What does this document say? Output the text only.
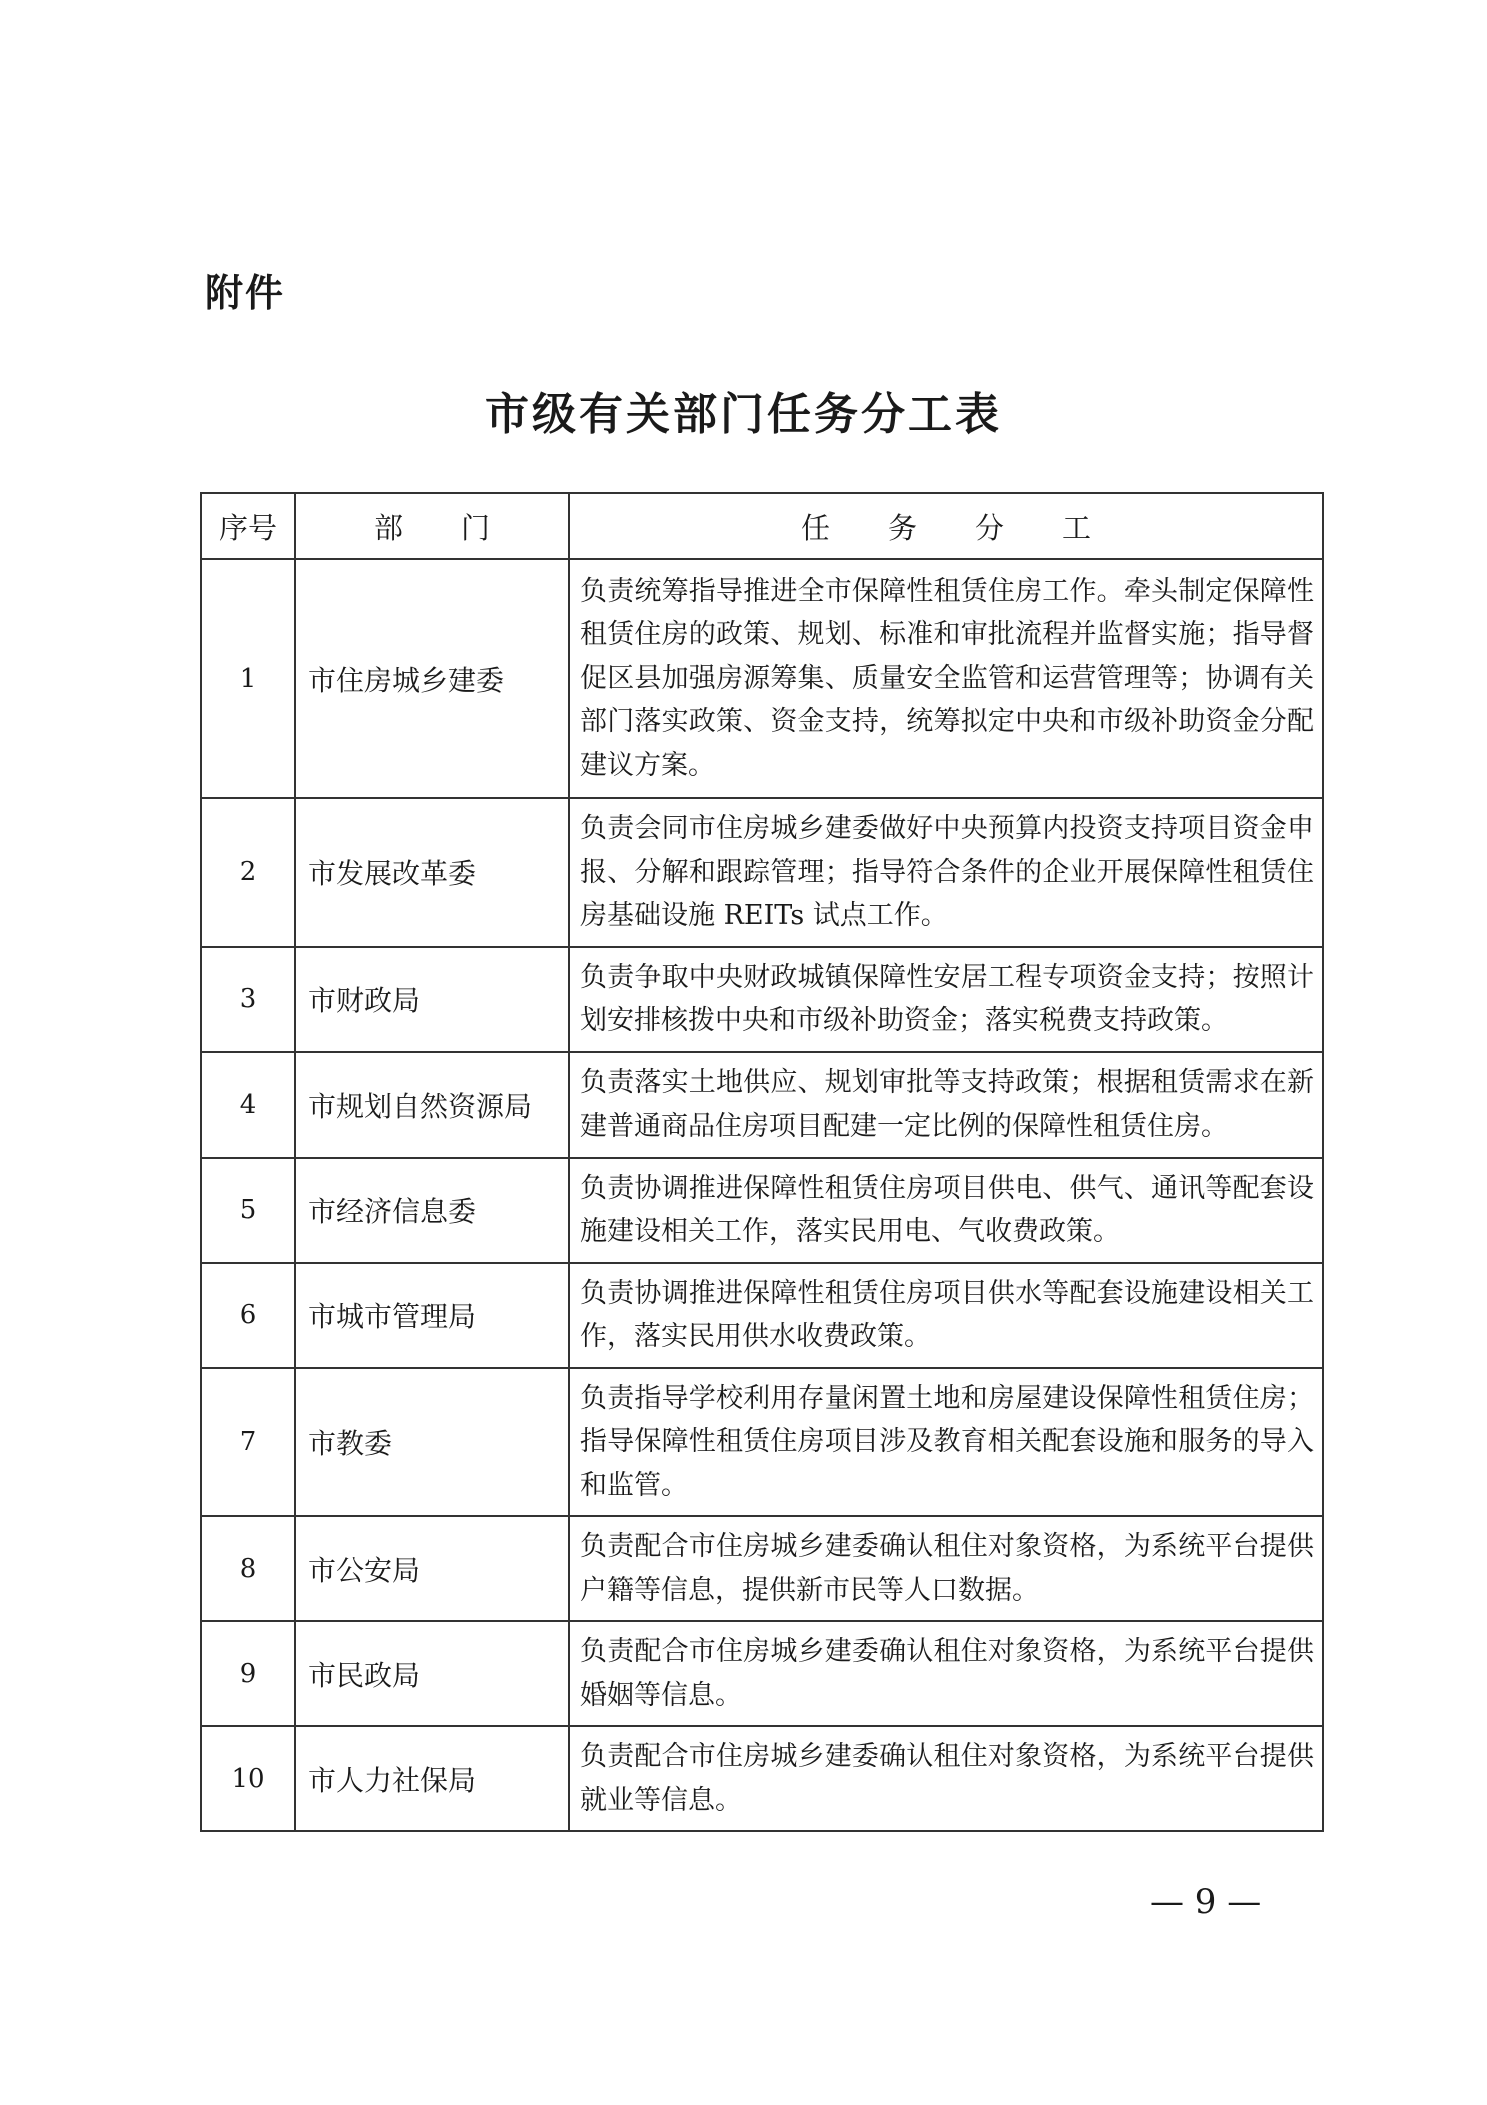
附件
市级有关部门任务分工表
序号	部　　门	任　　务　　分　　工
1	市住房城乡建委	负责统筹指导推进全市保障性租赁住房工作。牵头制定保障性租赁住房的政策、规划、标准和审批流程并监督实施；指导督促区县加强房源筹集、质量安全监管和运营管理等；协调有关部门落实政策、资金支持，统筹拟定中央和市级补助资金分配建议方案。
2	市发展改革委	负责会同市住房城乡建委做好中央预算内投资支持项目资金申报、分解和跟踪管理；指导符合条件的企业开展保障性租赁住房基础设施 REITs 试点工作。
3	市财政局	负责争取中央财政城镇保障性安居工程专项资金支持；按照计划安排核拨中央和市级补助资金；落实税费支持政策。
4	市规划自然资源局	负责落实土地供应、规划审批等支持政策；根据租赁需求在新建普通商品住房项目配建一定比例的保障性租赁住房。
5	市经济信息委	负责协调推进保障性租赁住房项目供电、供气、通讯等配套设施建设相关工作，落实民用电、气收费政策。
6	市城市管理局	负责协调推进保障性租赁住房项目供水等配套设施建设相关工作，落实民用供水收费政策。
7	市教委	负责指导学校利用存量闲置土地和房屋建设保障性租赁住房；指导保障性租赁住房项目涉及教育相关配套设施和服务的导入和监管。
8	市公安局	负责配合市住房城乡建委确认租住对象资格，为系统平台提供户籍等信息，提供新市民等人口数据。
9	市民政局	负责配合市住房城乡建委确认租住对象资格，为系统平台提供婚姻等信息。
10	市人力社保局	负责配合市住房城乡建委确认租住对象资格，为系统平台提供就业等信息。
— 9 —
